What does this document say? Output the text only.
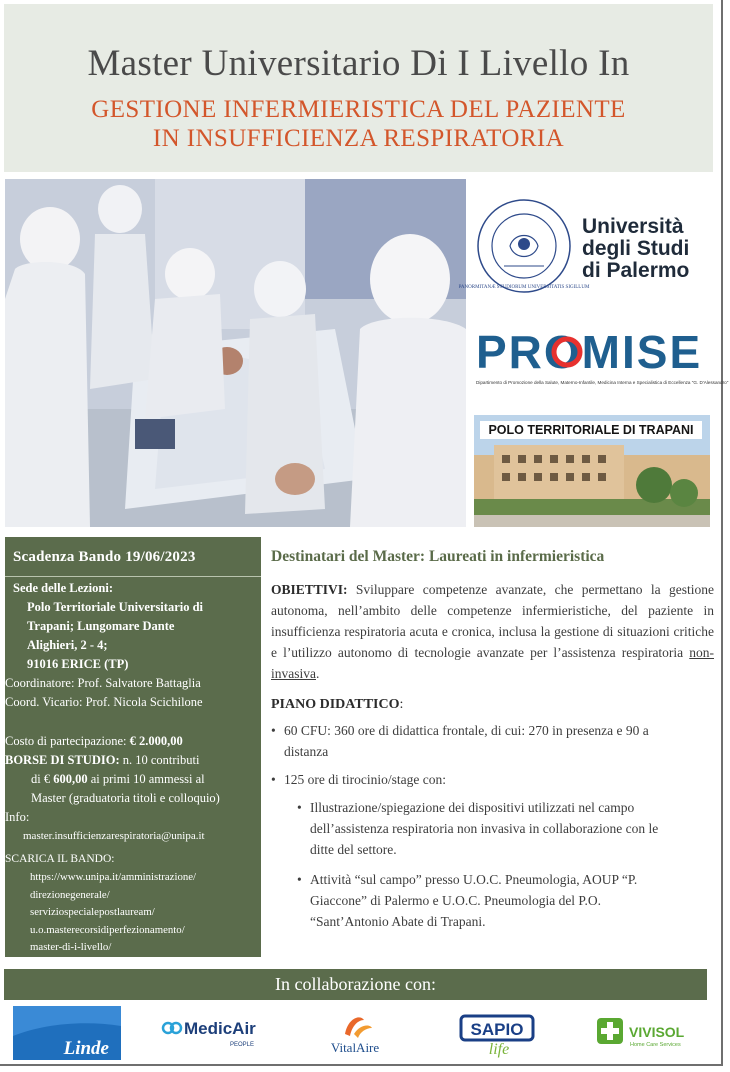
Master Universitario Di I Livello In
GESTIONE INFERMIERISTICA DEL PAZIENTE
IN INSUFFICIENZA RESPIRATORIA
PANORMITANÆ STUDIORUM UNIVERSITATIS SIGILLUM
Università
degli Studi
di Palermo
PROMISE
Dipartimento di Promozione della Salute, Materno-Infantile, Medicina Interna e Specialistica di Eccellenza "G. D'Alessandro"
POLO TERRITORIALE DI TRAPANI
Scadenza Bando 19/06/2023
Sede delle Lezioni:
Polo Territoriale Universitario di
Trapani; Lungomare Dante
Alighieri, 2 - 4;
91016 ERICE (TP)
Coordinatore: Prof. Salvatore Battaglia
Coord. Vicario: Prof. Nicola Scichilone
Costo di partecipazione: € 2.000,00
BORSE DI STUDIO: n. 10 contributi
di € 600,00 ai primi 10 ammessi al
Master (graduatoria titoli e colloquio)
Info:
master.insufficienzarespiratoria@unipa.it
SCARICA IL BANDO:
https://www.unipa.it/amministrazione/
direzionegenerale/
serviziospecialepostlauream/
u.o.masterecorsidiperfezionamento/
master-di-i-livello/
Destinatari del Master: Laureati in infermieristica
OBIETTIVI: Sviluppare competenze avanzate, che permettano la gestione autonoma, nell’ambito delle competenze infermieristiche, del paziente in insufficienza respiratoria acuta e cronica, inclusa la gestione di situazioni critiche e l’utilizzo autonomo di tecnologie avanzate per l’assistenza respiratoria non-invasiva.
PIANO DIDATTICO:
• 60 CFU: 360 ore di didattica frontale, di cui: 270 in presenza e 90 a
distanza
• 125 ore di tirocinio/stage con:
• Illustrazione/spiegazione dei dispositivi utilizzati nel campo
dell’assistenza respiratoria non invasiva in collaborazione con le
ditte del settore.
• Attività “sul campo” presso U.O.C. Pneumologia, AOUP “P.
Giaccone” di Palermo e U.O.C. Pneumologia del P.O.
“Sant’Antonio Abate di Trapani.
In collaborazione con:
Linde
MedicAir
PEOPLE	VitalAire
SAPIO
life
VIVISOL
Home Care Services
